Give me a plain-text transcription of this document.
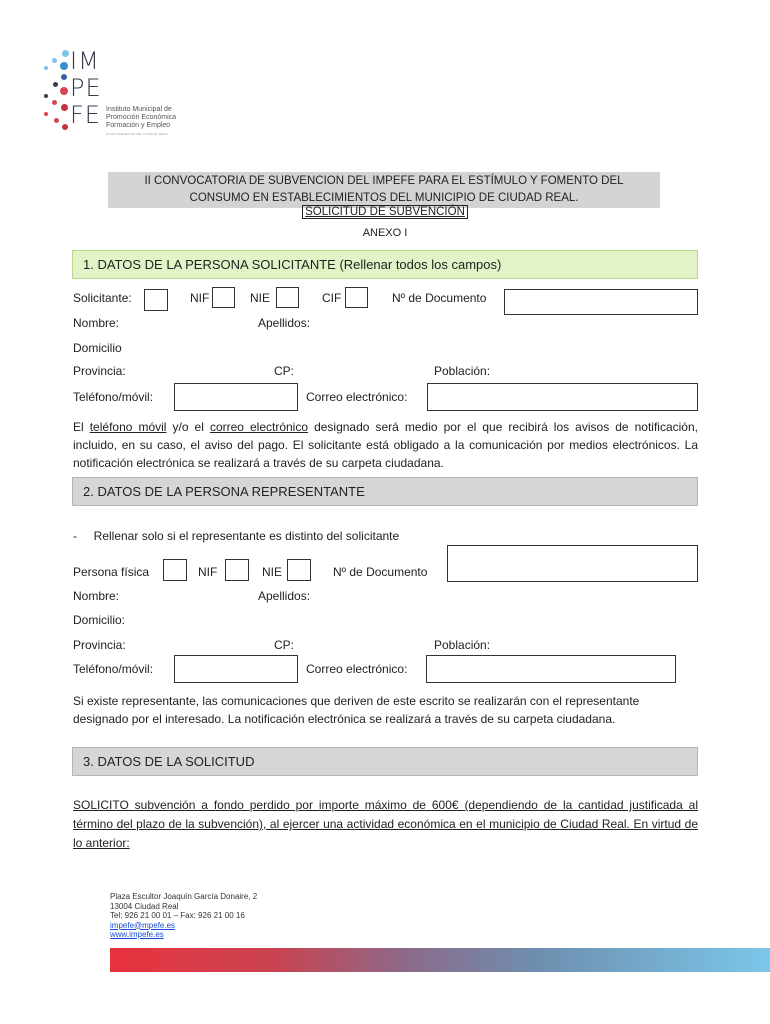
IM
PE
FE Instituto Municipal de
Promoción Económica
Formación y Empleo
AYUNTAMIENTO DE CIUDAD REAL
II CONVOCATORIA DE SUBVENCION DEL IMPEFE PARA EL ESTÍMULO Y FOMENTO DEL
CONSUMO EN ESTABLECIMIENTOS DEL MUNICIPIO DE CIUDAD REAL.
SOLICITUD DE SUBVENCIÓN
ANEXO I
1. DATOS DE LA PERSONA SOLICITANTE (Rellenar todos los campos)
Solicitante:	NIF	NIE	CIF	Nº de Documento
Nombre:	Apellidos:
Domicilio
Provincia:	CP:	Población:
Teléfono/móvil:	Correo electrónico:
El teléfono móvil y/o el correo electrónico designado será medio por el que recibirá los avisos de notificación, incluido, en su caso, el aviso del pago. El solicitante está obligado a la comunicación por medios electrónicos. La notificación electrónica se realizará a través de su carpeta ciudadana.
2. DATOS DE LA PERSONA REPRESENTANTE
-     Rellenar solo si el representante es distinto del solicitante
Persona física	NIF	NIE	Nº de Documento
Nombre:	Apellidos:
Domicilio:
Provincia:	CP:	Población:
Teléfono/móvil:	Correo electrónico:
Si existe representante, las comunicaciones que deriven de este escrito se realizarán con el representante designado por el interesado. La notificación electrónica se realizará a través de su carpeta ciudadana.
3. DATOS DE LA SOLICITUD
SOLICITO subvención a fondo perdido por importe máximo de 600€ (dependiendo de la cantidad justificada al término del plazo de la subvención), al ejercer una actividad económica en el municipio de Ciudad Real. En virtud de lo anterior:
Plaza Escultor Joaquín García Donaire, 2
13004 Ciudad Real
Tel: 926 21 00 01 – Fax: 926 21 00 16
impefe@mpefe.es
www.impefe.es
